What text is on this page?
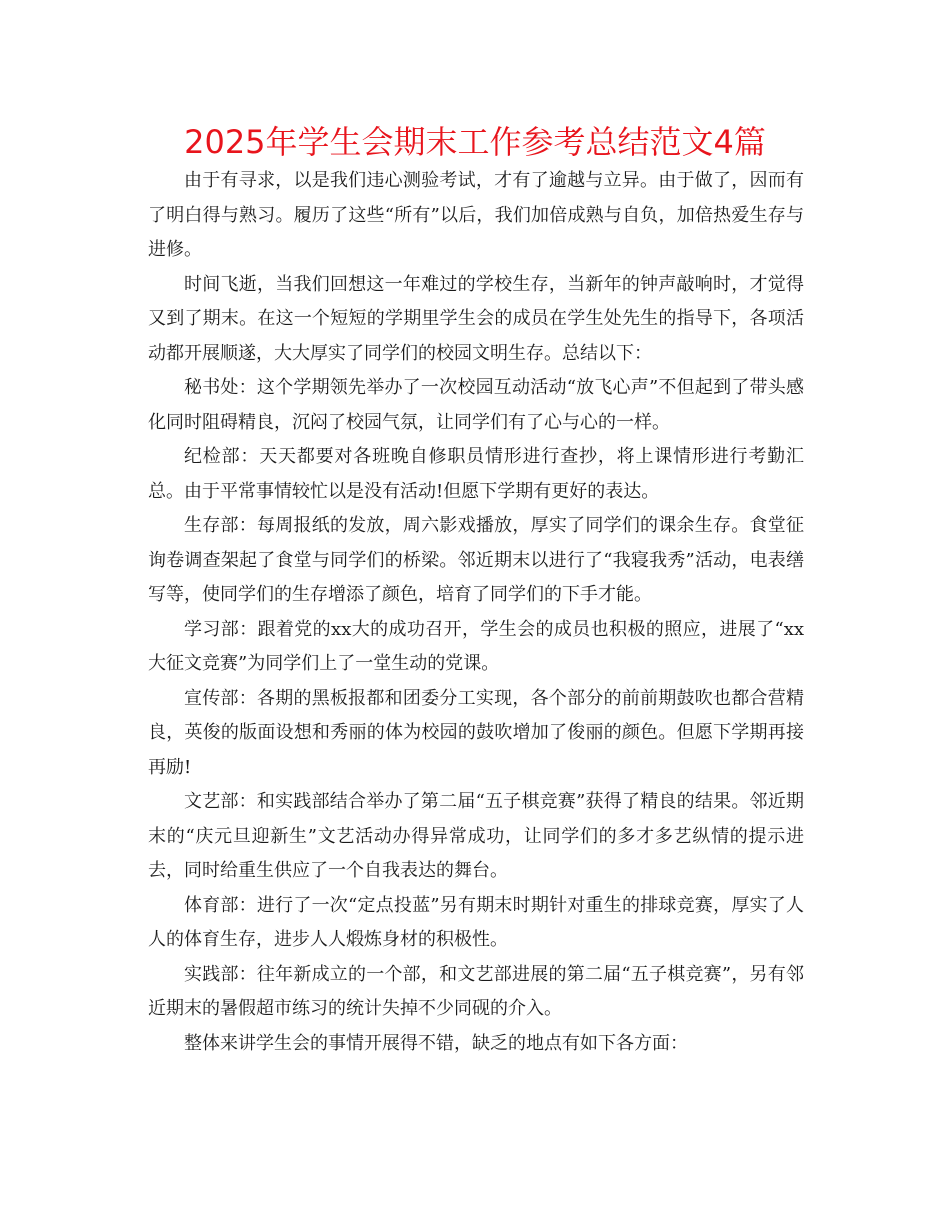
2025年学生会期末工作参考总结范文4篇

由于有寻求，以是我们违心测验考试，才有了逾越与立异。由于做了，因而有了明白得与熟习。履历了这些“所有”以后，我们加倍成熟与自负，加倍热爱生存与进修。

时间飞逝，当我们回想这一年难过的学校生存，当新年的钟声敲响时，才觉得又到了期末。在这一个短短的学期里学生会的成员在学生处先生的指导下，各项活动都开展顺遂，大大厚实了同学们的校园文明生存。总结以下：

秘书处：这个学期领先举办了一次校园互动活动“放飞心声”不但起到了带头感化同时阻碍精良，沉闷了校园气氛，让同学们有了心与心的一样。

纪检部：天天都要对各班晚自修职员情形进行查抄，将上课情形进行考勤汇总。由于平常事情较忙以是没有活动!但愿下学期有更好的表达。

生存部：每周报纸的发放，周六影戏播放，厚实了同学们的课余生存。食堂征询卷调查架起了食堂与同学们的桥梁。邻近期末以进行了“我寝我秀”活动，电表缮写等，使同学们的生存增添了颜色，培育了同学们的下手才能。

学习部：跟着党的xx大的成功召开，学生会的成员也积极的照应，进展了“xx大征文竞赛”为同学们上了一堂生动的党课。

宣传部：各期的黑板报都和团委分工实现，各个部分的前前期鼓吹也都合营精良，英俊的版面设想和秀丽的体为校园的鼓吹增加了俊丽的颜色。但愿下学期再接再励!

文艺部：和实践部结合举办了第二届“五子棋竞赛”获得了精良的结果。邻近期末的“庆元旦迎新生”文艺活动办得异常成功，让同学们的多才多艺纵情的提示进去，同时给重生供应了一个自我表达的舞台。

体育部：进行了一次“定点投蓝”另有期末时期针对重生的排球竞赛，厚实了人人的体育生存，进步人人煅炼身材的积极性。

实践部：往年新成立的一个部，和文艺部进展的第二届“五子棋竞赛”，另有邻近期末的暑假超市练习的统计失掉不少同砚的介入。

整体来讲学生会的事情开展得不错，缺乏的地点有如下各方面：
